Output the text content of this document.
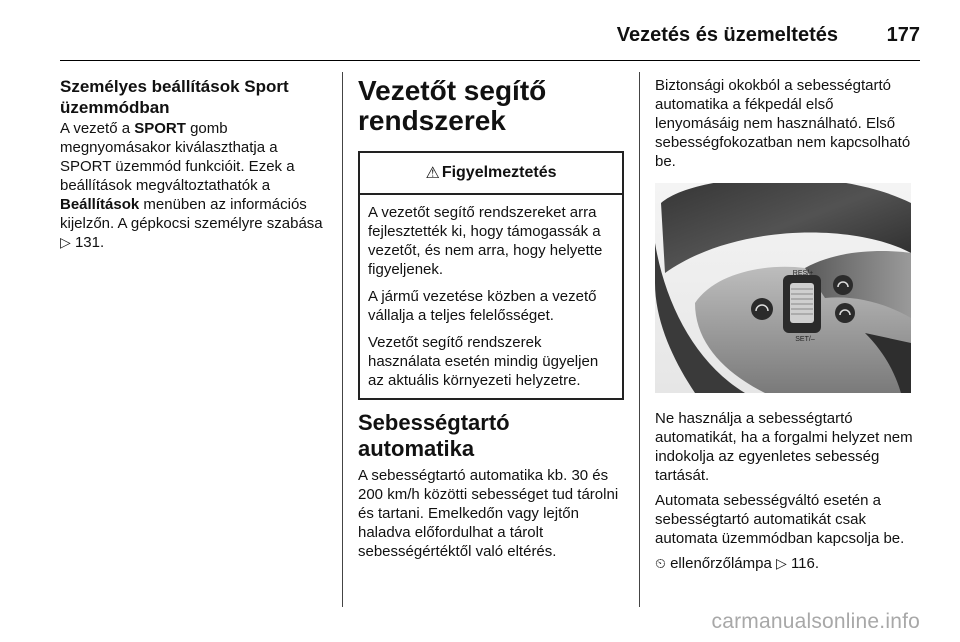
Vezetés és üzemeltetés 177
Személyes beállítások Sport üzemmódban

A vezető a SPORT gomb megnyomásakor kiválaszthatja a SPORT üzemmód funkcióit. Ezek a beállítások megváltoztathatók a Beállítások menüben az információs kijelzőn. A gépkocsi személyre szabása ▷ 131.

Vezetőt segítő rendszerek
⚠ Figyelmeztetés

A vezetőt segítő rendszereket arra fejlesztették ki, hogy támogassák a vezetőt, és nem arra, hogy helyette figyeljenek.

A jármű vezetése közben a vezető vállalja a teljes felelősséget.

Vezetőt segítő rendszerek használata esetén mindig ügyeljen az aktuális környezeti helyzetre.

Sebességtartó automatika

A sebességtartó automatika kb. 30 és 200 km/h közötti sebességet tud tárolni és tartani. Emelkedőn vagy lejtőn haladva előfordulhat a tárolt sebességértéktől való eltérés.

Biztonsági okokból a sebességtartó automatika a fékpedál első lenyomásáig nem használható. Első sebességfokozatban nem kapcsolható be.

RES/+
SET/–

Ne használja a sebességtartó automatikát, ha a forgalmi helyzet nem indokolja az egyenletes sebesség tartását.

Automata sebességváltó esetén a sebességtartó automatikát csak automata üzemmódban kapcsolja be.

⏲ ellenőrzőlámpa ▷ 116.

carmanualsonline.info
